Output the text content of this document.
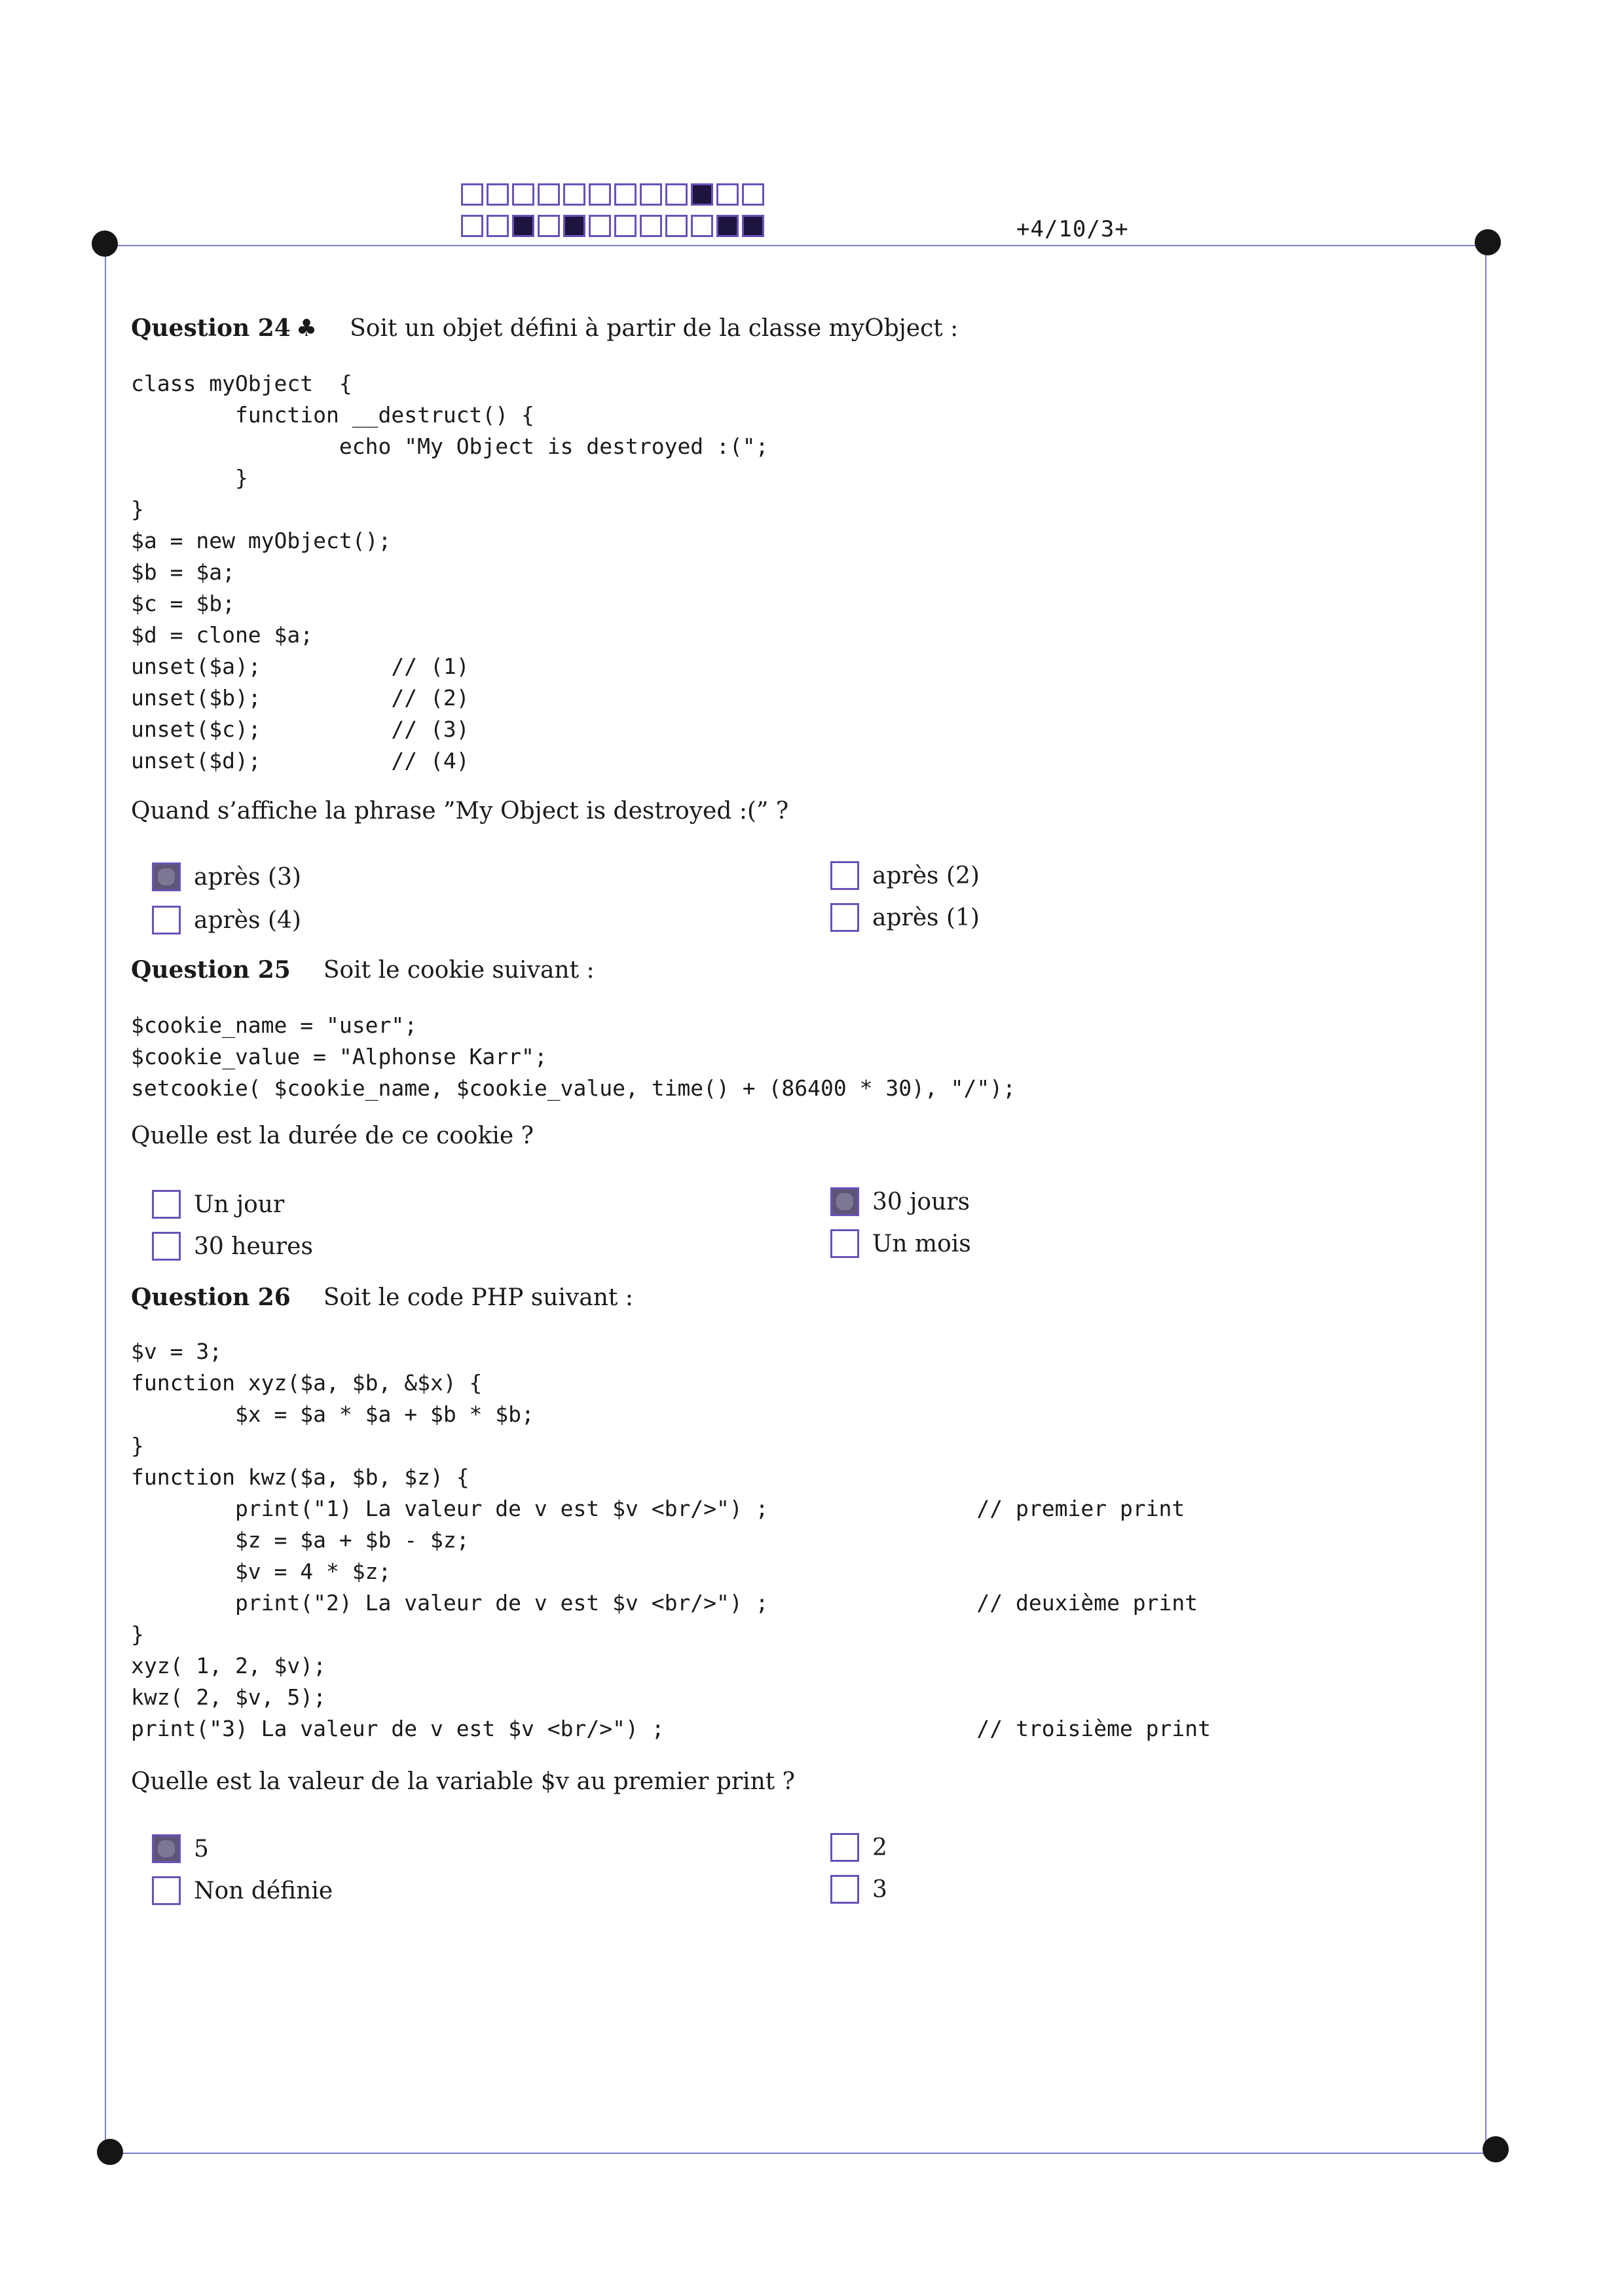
+4/10/3+
Question 24 ♣ Soit un objet défini à partir de la classe myObject :
class myObject  {
function __destruct() {
echo "My Object is destroyed :(";
}
}
$a = new myObject();
$b = $a;
$c = $b;
$d = clone $a;
unset($a);          // (1)
unset($b);          // (2)
unset($c);          // (3)
unset($d);          // (4)
Quand s’affiche la phrase ”My Object is destroyed :(” ?
après (3)
après (4)
après (2)
après (1)
Question 25 Soit le cookie suivant :
$cookie_name = "user";
$cookie_value = "Alphonse Karr";
setcookie( $cookie_name, $cookie_value, time() + (86400 * 30), "/");
Quelle est la durée de ce cookie ?
Un jour
30 heures
30 jours
Un mois
Question 26 Soit le code PHP suivant :
$v = 3;
function xyz($a, $b, &$x) {
$x = $a * $a + $b * $b;
}
function kwz($a, $b, $z) {
print("1) La valeur de v est $v <br/>") ;                // premier print
$z = $a + $b - $z;
$v = 4 * $z;
print("2) La valeur de v est $v <br/>") ;                // deuxième print
}
xyz( 1, 2, $v);
kwz( 2, $v, 5);
print("3) La valeur de v est $v <br/>") ;                        // troisième print
Quelle est la valeur de la variable $v au premier print ?
5
Non définie
2
3
